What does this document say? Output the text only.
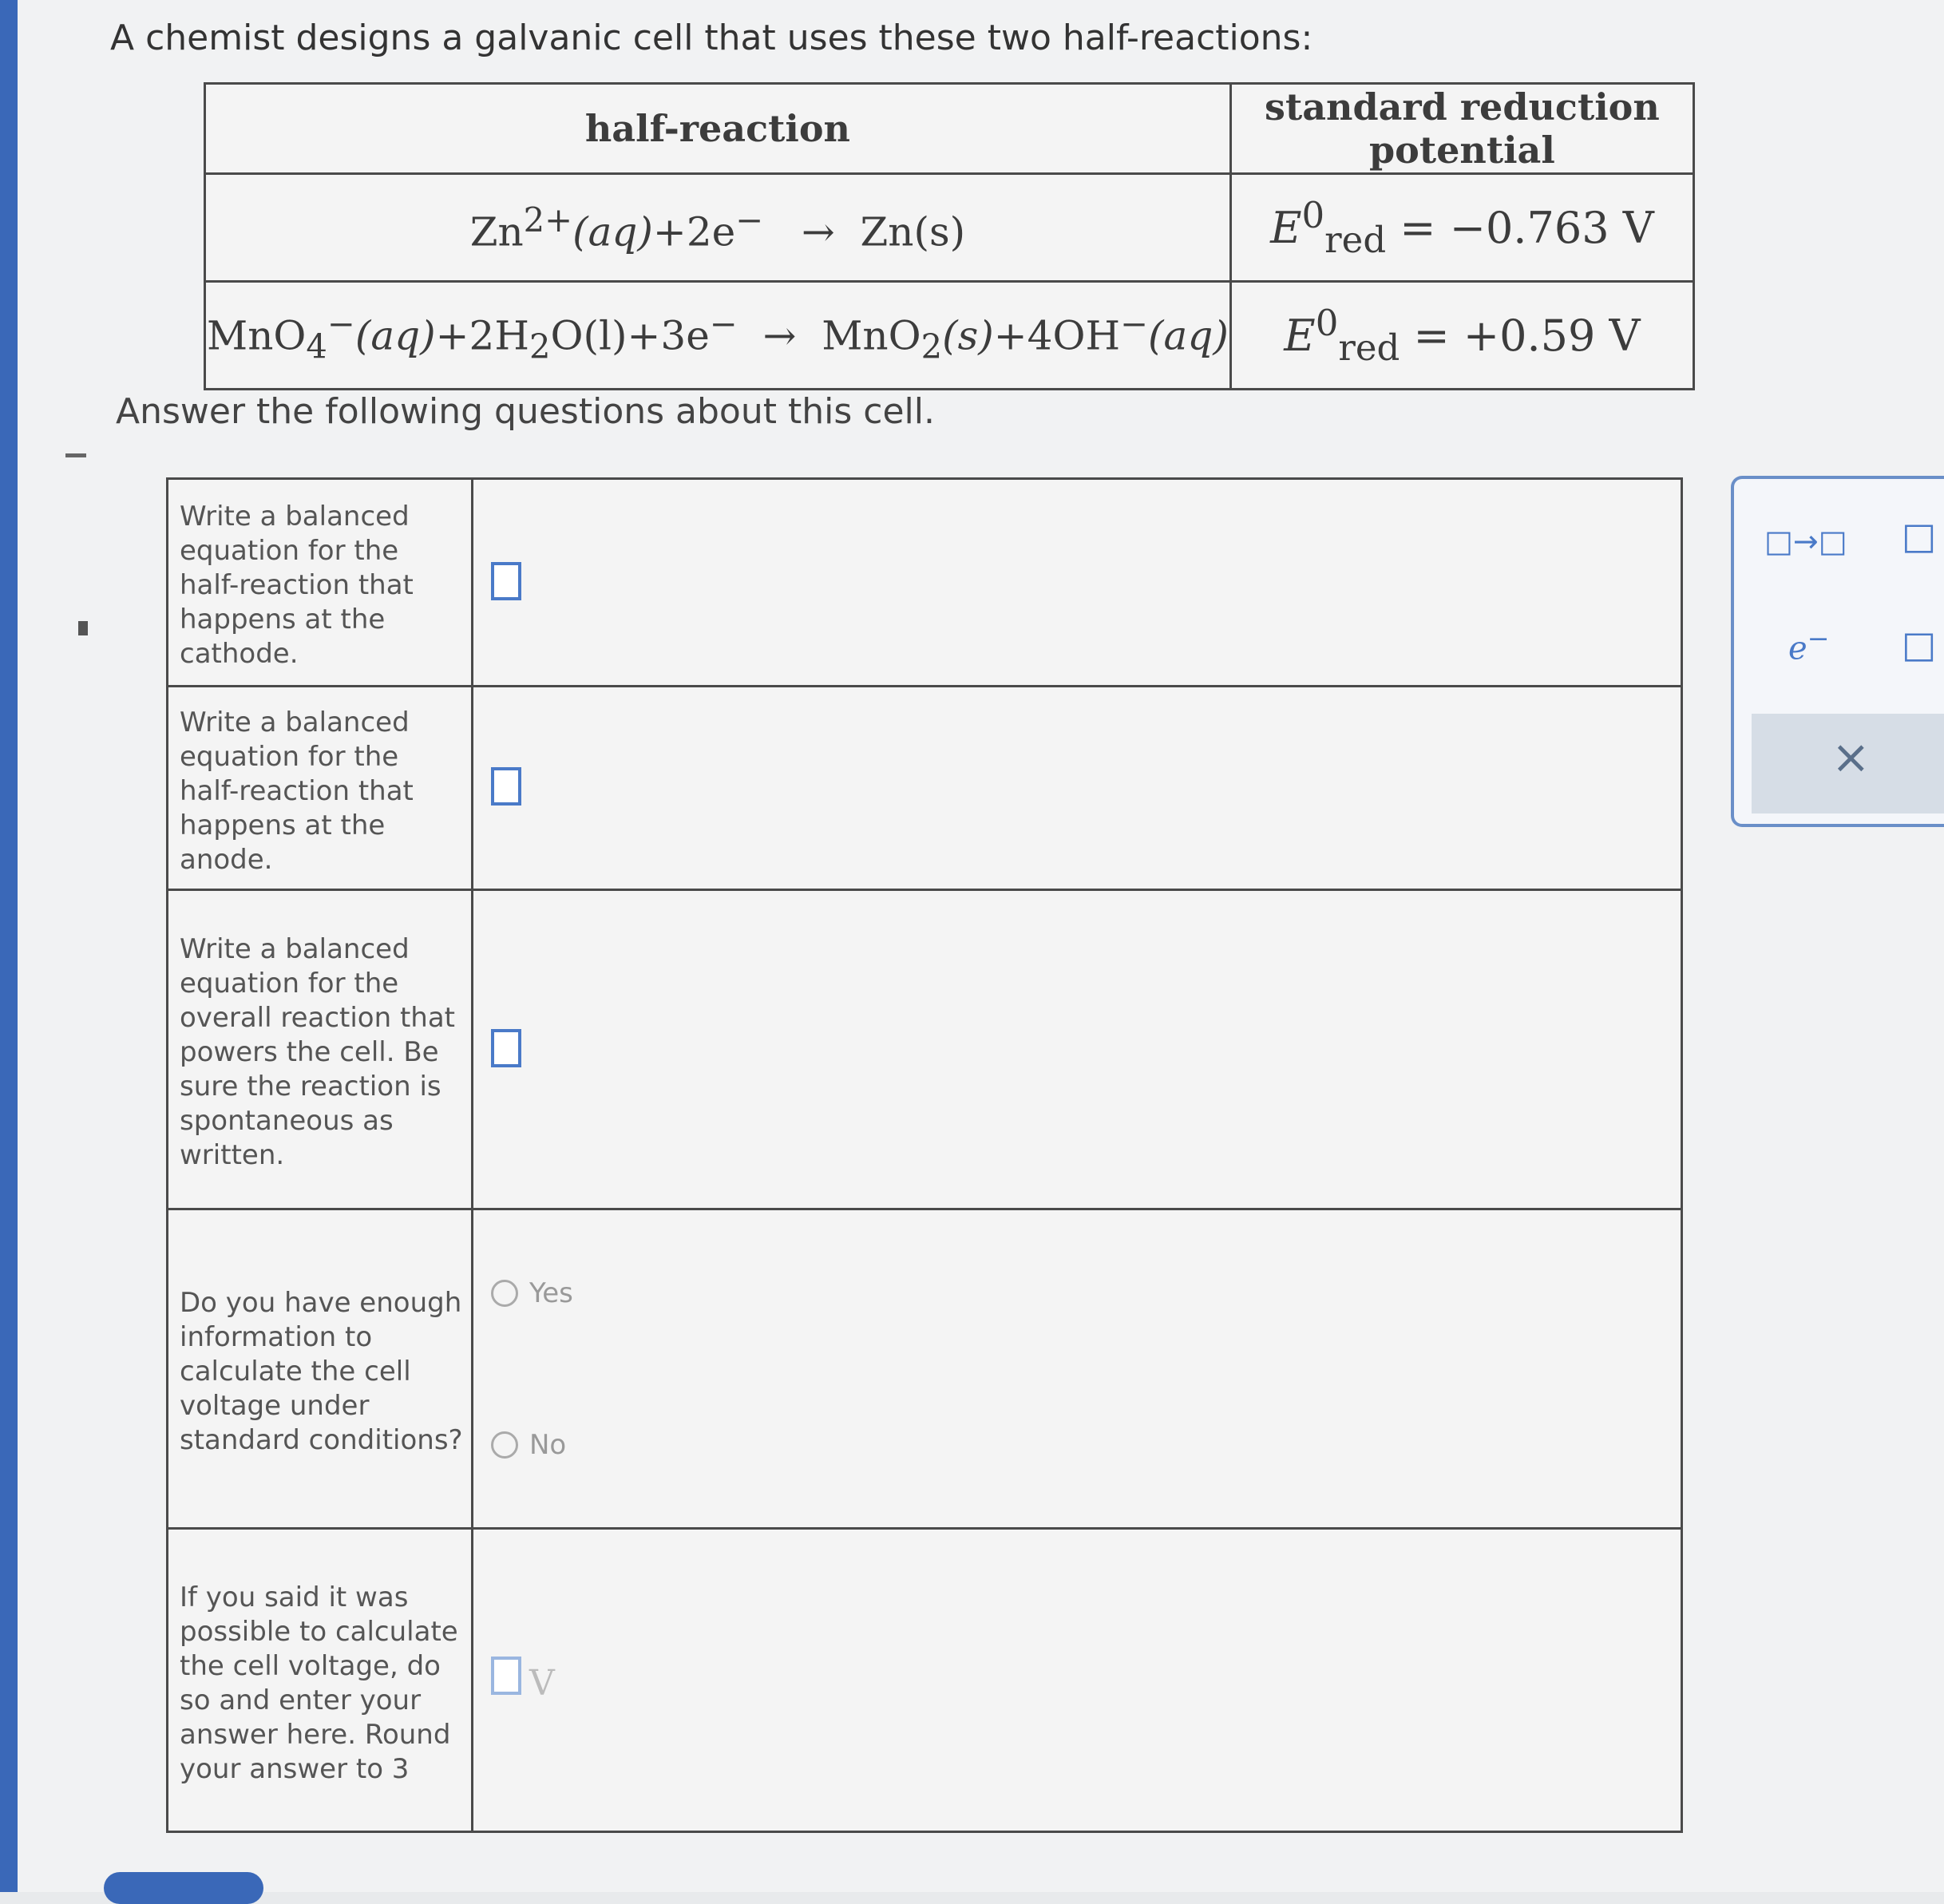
A chemist designs a galvanic cell that uses these two half-reactions:
half-reaction	standard reduction potential
$Zn^{2+}(aq)+2e^- \to Zn(s)$	$E^0_{red} = -0.763$ V
$MnO_4^-(aq)+2H_2O(l)+3e^- \to MnO_2(s)+4OH^-(aq)$	$E^0_{red} = +0.59$ V
Answer the following questions about this cell.
Write a balanced equation for the half-reaction that happens at the cathode.	
Write a balanced equation for the half-reaction that happens at the anode.	
Write a balanced equation for the overall reaction that powers the cell. Be sure the reaction is spontaneous as written.	
Do you have enough information to calculate the cell voltage under standard conditions?	Yes
No

If you said it was possible to calculate the cell voltage, do so and enter your answer here. Round your answer to 3	V
□→□ □
e− □
×
